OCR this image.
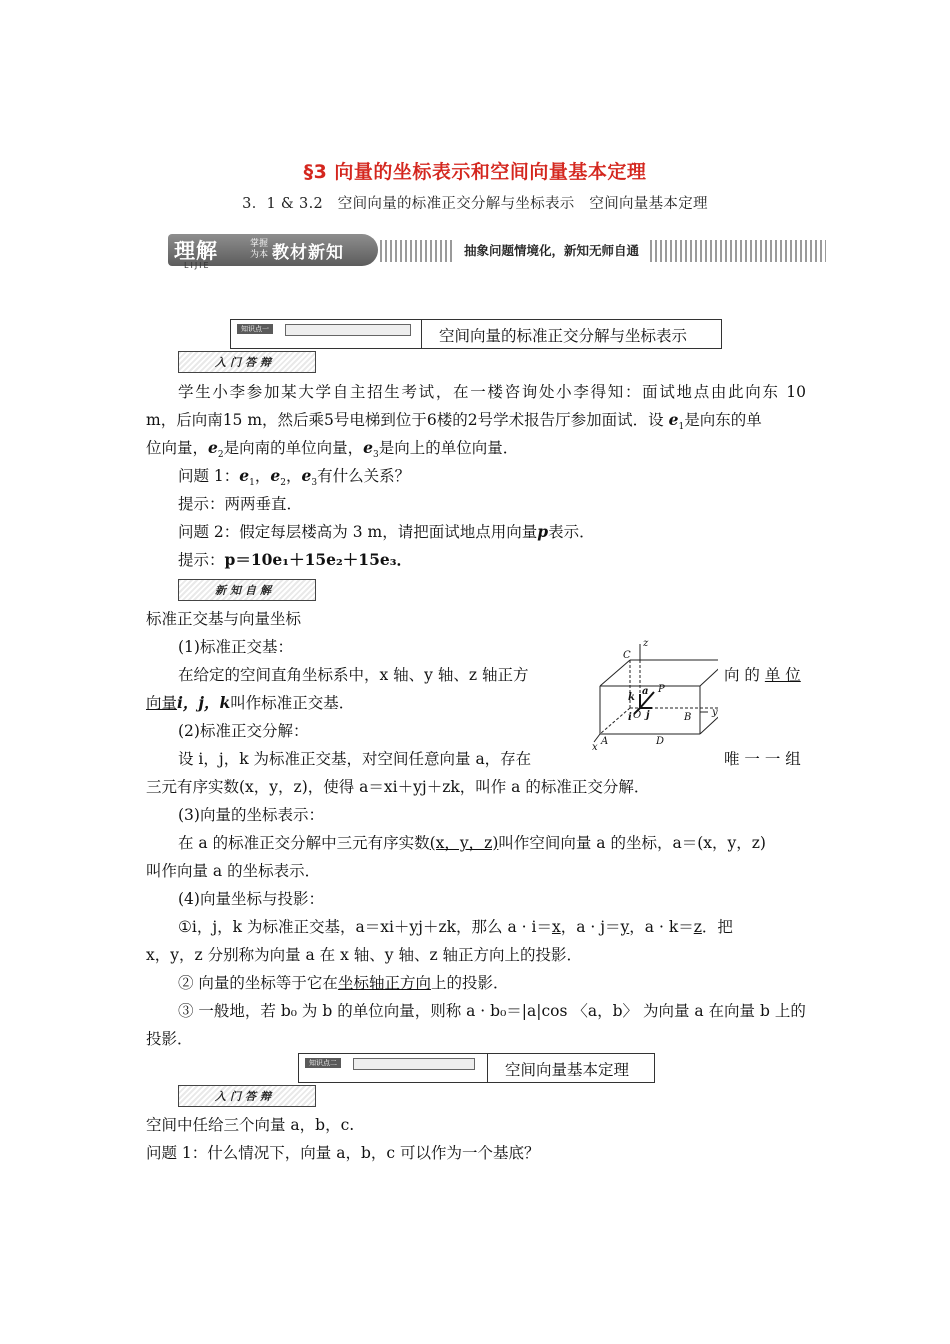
§3 向量的坐标表示和空间向量基本定理
3．1 & 3.2　空间向量的标准正交分解与坐标表示　空间向量基本定理
理解	掌握 为本 教材新知
LIJIE
抽象问题情境化，新知无师自通
知识点一	空间向量的标准正交分解与坐标表示
入门答辩
学生小李参加某大学自主招生考试，在一楼咨询处小李得知：面试地点由此向东 10
m，后向南15 m，然后乘5号电梯到位于6楼的2号学术报告厅参加面试．设 $e_1$是向东的单
位向量，$e_2$是向南的单位向量，$e_3$是向上的单位向量．
问题 1：$e_1$，$e_2$，$e_3$有什么关系？
提示：两两垂直．
问题 2：假定每层楼高为 3 m，请把面试地点用向量p表示．
提示：p＝10e₁＋15e₂＋15e₃．
新知自解
标准正交基与向量坐标
(1)标准正交基：
在给定的空间直角坐标系中，x 轴、y 轴、z 轴正方	向 的 单 位
向量i，j，k叫作标准正交基．
(2)标准正交分解：
设 i，j，k 为标准正交基，对空间任意向量 a，存在	唯 一 一 组
三元有序实数(x，y，z)，使得 a＝xi＋yj＋zk，叫作 a 的标准正交分解．
(3)向量的坐标表示：
在 a 的标准正交分解中三元有序实数(x，y，z)叫作空间向量 a 的坐标，a＝(x，y，z)
叫作向量 a 的坐标表示．
(4)向量坐标与投影：
①i，j，k 为标准正交基，a＝xi＋yj＋zk，那么 a · i＝x，a · j＝y，a · k＝z．把
x，y，z 分别称为向量 a 在 x 轴、y 轴、z 轴正方向上的投影．
② 向量的坐标等于它在坐标轴正方向上的投影．
③ 一般地，若 b₀ 为 b 的单位向量，则称 a · b₀＝|a|cos 〈a，b〉 为向量 a 在向量 b 上的
投影．
知识点二	空间向量基本定理
入门答辩
空间中任给三个向量 a，b，c.
问题 1：什么情况下，向量 a，b，c 可以作为一个基底？
z
y
x
C
P
B
A	D
O
a
k
i j
